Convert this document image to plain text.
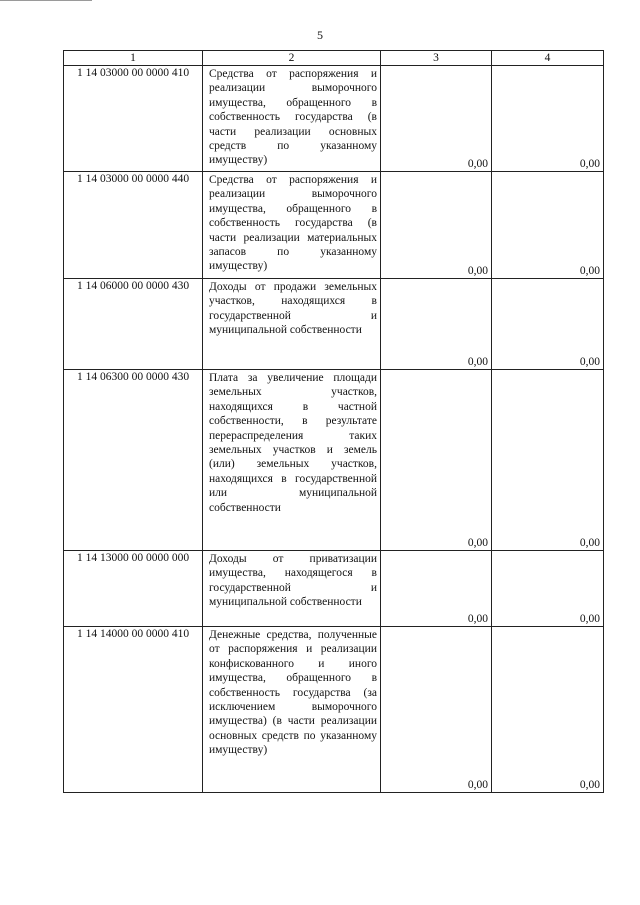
5
1	2	3	4
1 14 03000 00 0000 410	Средства от распоряжения и реализации выморочного имущества, обращенного в собственность государства (в части реализации основных средств по указанному имуществу)	0,00	0,00
1 14 03000 00 0000 440	Средства от распоряжения и реализации выморочного имущества, обращенного в собственность государства (в части реализации материальных запасов по указанному имуществу)	0,00	0,00
1 14 06000 00 0000 430	Доходы от продажи земельных участков, находящихся в государственной и муниципальной собственности	0,00	0,00
1 14 06300 00 0000 430	Плата за увеличение площади земельных участков, находящихся в частной собственности, в результате перераспределения таких земельных участков и земель (или) земельных участков, находящихся в государственной или муниципальной собственности	0,00	0,00
1 14 13000 00 0000 000	Доходы от приватизации имущества, находящегося в государственной и муниципальной собственности	0,00	0,00
1 14 14000 00 0000 410	Денежные средства, полученные от распоряжения и реализации конфискованного и иного имущества, обращенного в собственность государства (за исключением выморочного имущества) (в части реализации основных средств по указанному имуществу)	0,00	0,00
